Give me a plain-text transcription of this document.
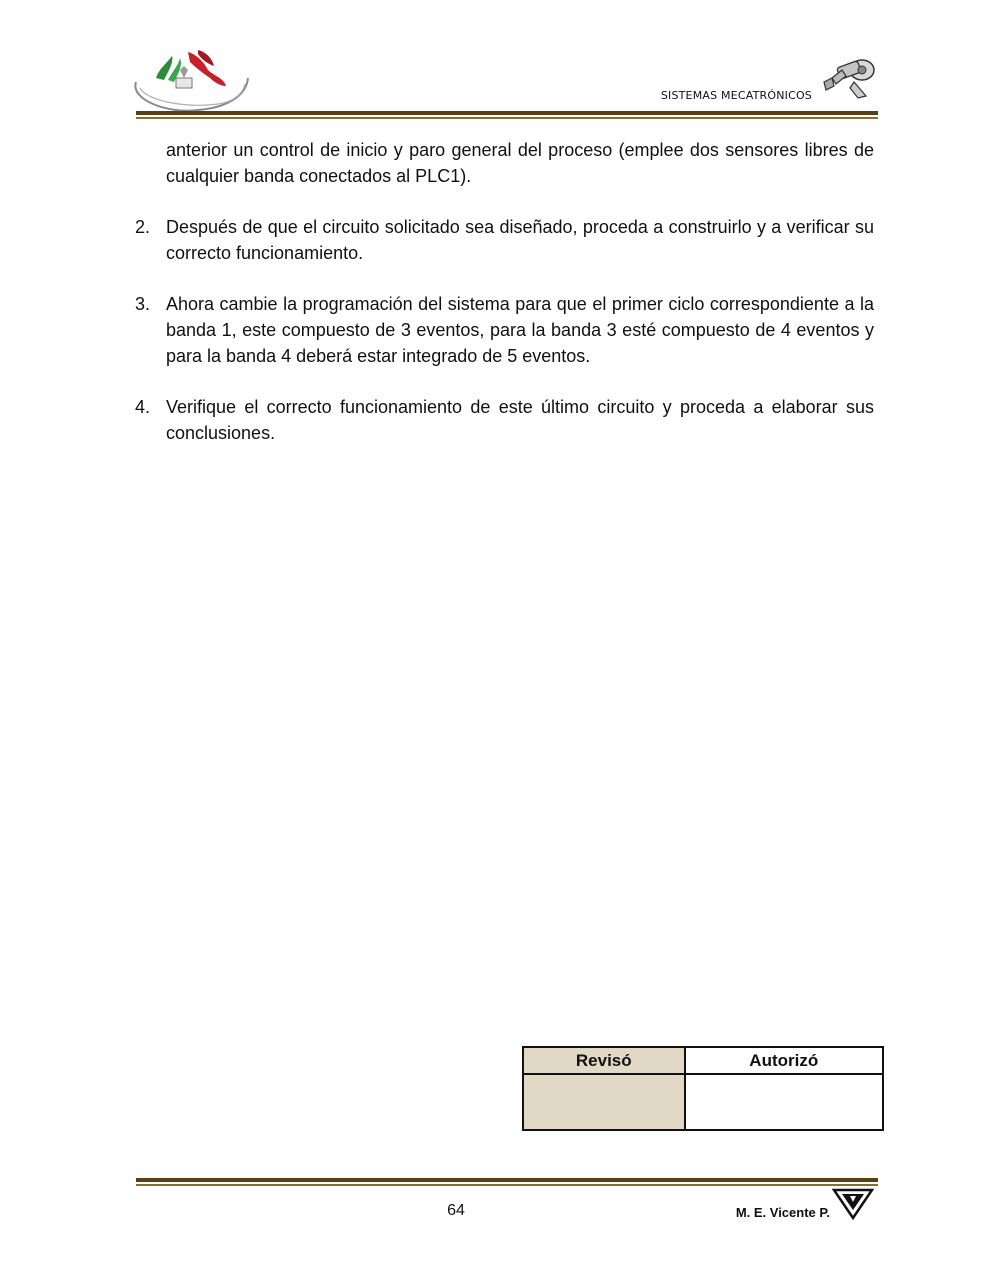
SISTEMAS MECATRÓNICOS

anterior un control de inicio y paro general del proceso (emplee dos sensores libres de cualquier banda conectados al PLC1).

2. Después de que el circuito solicitado sea diseñado, proceda a construirlo y a verificar su correcto funcionamiento.
3. Ahora cambie la programación del sistema para que el primer ciclo correspondiente a la banda 1, este compuesto de 3 eventos, para la banda 3 esté compuesto de 4 eventos y para la banda 4 deberá estar integrado de 5 eventos.
4. Verifique el correcto funcionamiento de este último circuito y proceda a elaborar sus conclusiones.
Revisó	Autorizó

64	M. E. Vicente P.
